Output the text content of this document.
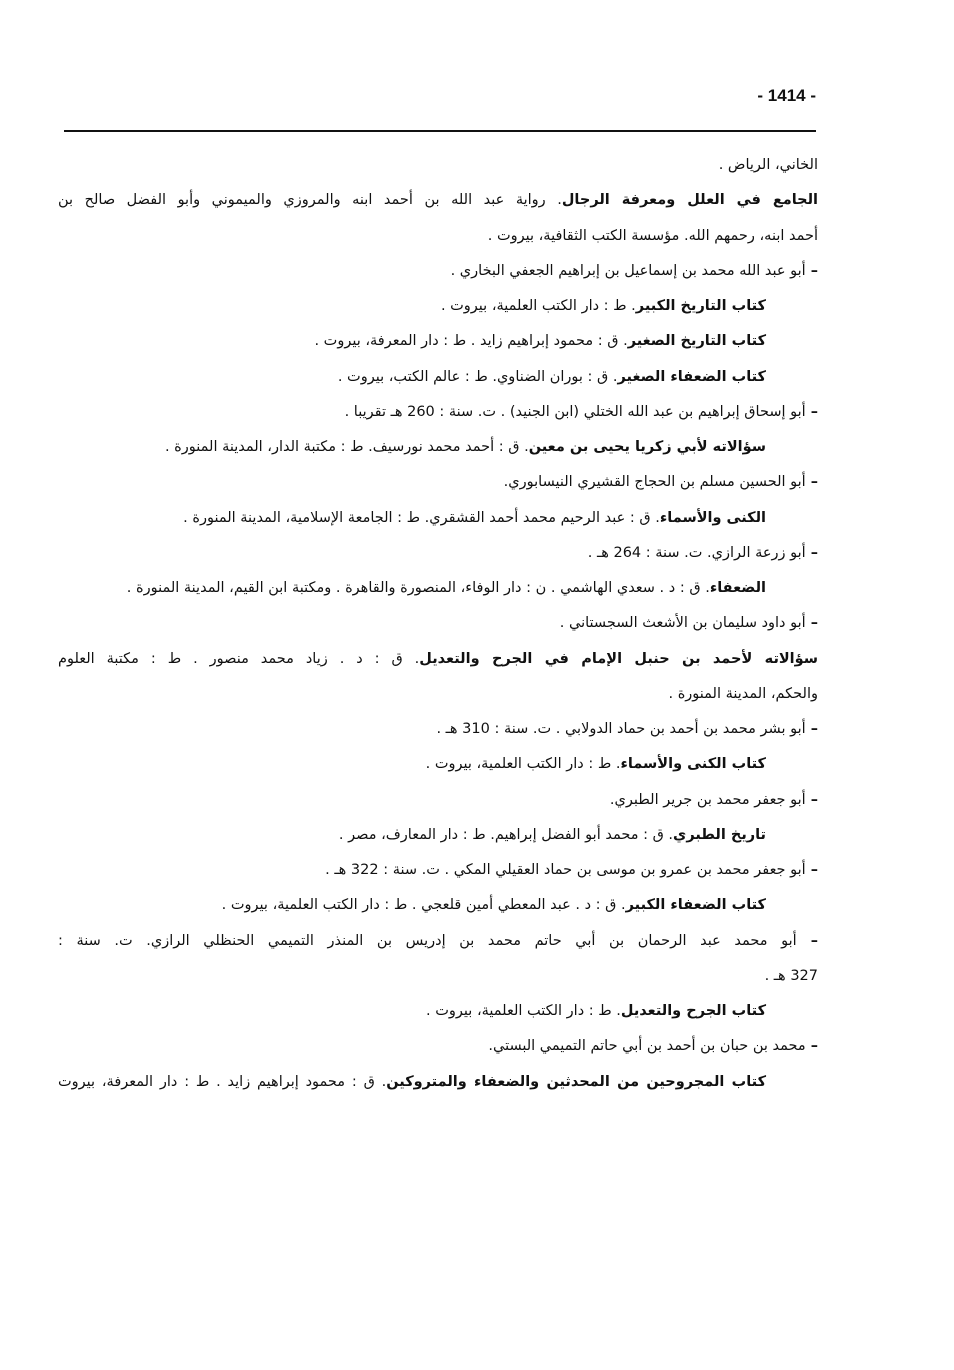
- 1414 -
الخاني، الرياض .
الجامع في العلل ومعرفة الرجال. رواية عبد الله بن أحمد ابنه والمروزي والميموني وأبو الفضل صالح بن
أحمد ابنه، رحمهم الله. مؤسسة الكتب الثقافية، بيروت .
– أبو عبد الله محمد بن إسماعيل بن إبراهيم الجعفي البخاري .
كتاب التاريخ الكبير. ط : دار الكتب العلمية، بيروت .
كتاب التاريخ الصغير. ق : محمود إبراهيم زايد . ط : دار المعرفة، بيروت .
كتاب الضعفاء الصغير. ق : بوران الضناوي. ط : عالم الكتب، بيروت .
– أبو إسحاق إبراهيم بن عبد الله الختلي (ابن الجنيد) . ت. سنة : 260 هـ تقريبا .
سؤالاته لأبي زكريا يحيى بن معين. ق : أحمد محمد نورسيف. ط : مكتبة الدار، المدينة المنورة .
– أبو الحسين مسلم بن الحجاج القشيري النيسابوري.
الكنى والأسماء. ق : عبد الرحيم محمد أحمد القشقري. ط : الجامعة الإسلامية، المدينة المنورة .
– أبو زرعة الرازي. ت. سنة : 264 هـ .
الضعفاء. ق : د . سعدي الهاشمي . ن : دار الوفاء، المنصورة والقاهرة . ومكتبة ابن القيم، المدينة المنورة .
– أبو داود سليمان بن الأشعث السجستاني .
سؤالاته لأحمد بن حنبل الإمام في الجرح والتعديل. ق : د . زياد محمد منصور . ط : مكتبة العلوم
والحكم، المدينة المنورة .
– أبو بشر محمد بن أحمد بن حماد الدولابي . ت. سنة : 310 هـ .
كتاب الكنى والأسماء. ط : دار الكتب العلمية، بيروت .
– أبو جعفر محمد بن جرير الطبري.
تاريخ الطبري. ق : محمد أبو الفضل إبراهيم. ط : دار المعارف، مصر .
– أبو جعفر محمد بن عمرو بن موسى بن حماد العقيلي المكي . ت. سنة : 322 هـ .
كتاب الضعفاء الكبير. ق : د . عبد المعطي أمين قلعجي . ط : دار الكتب العلمية، بيروت .
– أبو محمد عبد الرحمان بن أبي حاتم محمد بن إدريس بن المنذر التميمي الحنظلي الرازي. ت. سنة :
327 هـ .
كتاب الجرح والتعديل. ط : دار الكتب العلمية، بيروت .
– محمد بن حبان بن أحمد بن أبي حاتم التميمي البستي.
كتاب المجروحين من المحدثين والضعفاء والمتروكين. ق : محمود إبراهيم زايد . ط : دار المعرفة، بيروت
